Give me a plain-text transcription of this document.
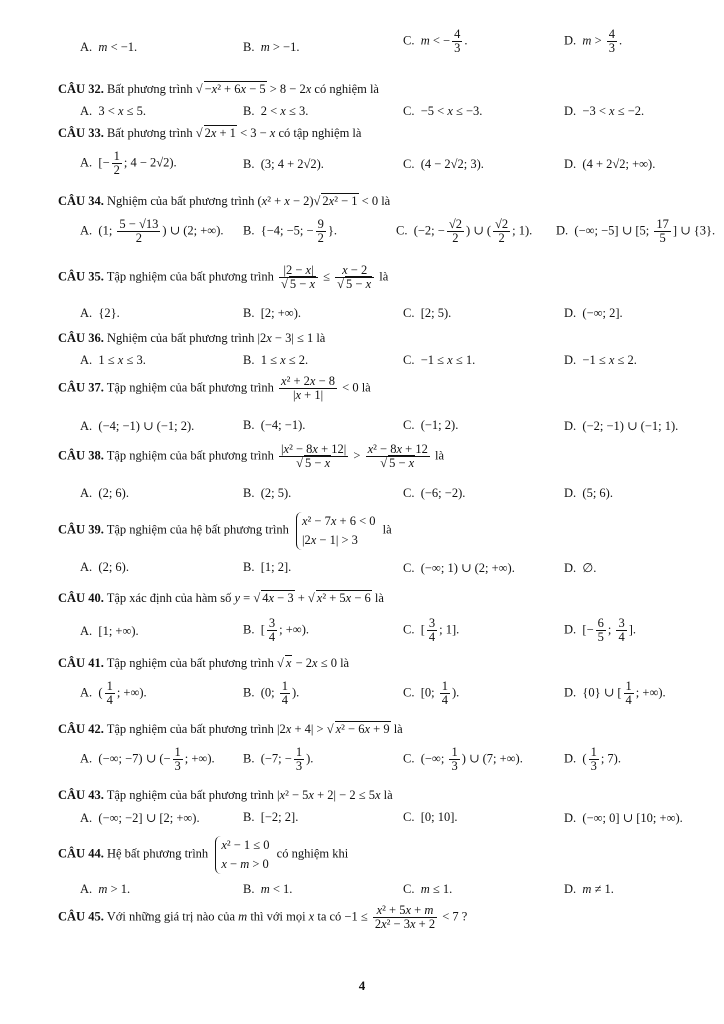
A. m < −1.	B. m > −1.	C. m < − $\frac{4}{3}$ .	D. $m > \frac{4}{3}$ .
CÂU 32. Bất phương trình √ −x² + 6x − 5 > 8 − 2x có nghiệm là
A.  3 < x ≤ 5.	B.  2 < x ≤ 3.	C.  −5 < x ≤ −3.	D.  −3 < x ≤ −2.
CÂU 33. Bất phương trình √ 2x + 1 < 3 − x có tập nghiệm là
A.  [− $\frac{1}{2}$ ; 4 − 2√2).	B.  (3; 4 + 2√2).	C.  (4 − 2√2; 3).	D.  (4 + 2√2; +∞).
CÂU 34. Nghiệm của bất phương trình (x² + x − 2)√ 2x² − 1 < 0 là
A.  (1; $\frac{5 - √13}{2}$ ) ∪ (2; +∞). B.  {−4; −5; − $\frac{9}{2}$ }.	C.  (−2; − $\frac{√2}{2}$ ) ∪ ( $\frac{√2}{2}$ ; 1). D.  (−∞; −5] ∪ [5; $\frac{17}{5}$ ] ∪ {3}.
CÂU 35. Tập nghiệm của bất phương trình $\frac{|2 - x|}{√ 5 - x} \le \frac{x - 2}{√ 5 - x}$ là
A.  {2}.	B.  [2; +∞).	C.  [2; 5).	D.  (−∞; 2].
CÂU 36. Nghiệm của bất phương trình |2x − 3| ≤ 1 là
A.  1 ≤ x ≤ 3.	B.  1 ≤ x ≤ 2.	C.  −1 ≤ x ≤ 1.	D.  −1 ≤ x ≤ 2.
CÂU 37. Tập nghiệm của bất phương trình $\frac{\text{x² + 2x − 8}}{|x + 1|} < 0$ là
A.  (−4; −1) ∪ (−1; 2).	B.  (−4; −1).	C.  (−1; 2).	D.  (−2; −1) ∪ (−1; 1).
CÂU 38. Tập nghiệm của bất phương trình $\frac{\text{|x² − 8x + 12|}}{√ 5 - x} > \frac{\text{x² − 8x + 12}}{√ 5 - x}$ là
A.  (2; 6).	B.  (2; 5).	C.  (−6; −2).	D.  (5; 6).
CÂU 39. Tập nghiệm của hệ bất phương trình x² − 7x + 6 < 0
|2x − 1| > 3 là
A.  (2; 6).	B.  [1; 2].	C.  (−∞; 1) ∪ (2; +∞).	D.  ∅.
CÂU 40. Tập xác định của hàm số y = √ 4x − 3 + √ x² + 5x − 6 là
A.  [1; +∞).	B.  [ $\frac{3}{4}$ ; +∞).	C.  [ $\frac{3}{4}$ ; 1].	D.  [− $\frac{6}{5}$ ; $\frac{3}{4}$ ].
CÂU 41. Tập nghiệm của bất phương trình √ x − 2x ≤ 0 là
A.  ( $\frac{1}{4}$ ; +∞).	B.  (0; $\frac{1}{4}$ ).	C.  [0; $\frac{1}{4}$ ).	D.  {0} ∪ [ $\frac{1}{4}$ ; +∞).
CÂU 42. Tập nghiệm của bất phương trình |2x + 4| > √ x² − 6x + 9 là
A.  (−∞; −7) ∪ (− $\frac{1}{3}$ ; +∞). B.  (−7; − $\frac{1}{3}$ ).	C.  (−∞; $\frac{1}{3}$ ) ∪ (7; +∞).	D.  ( $\frac{1}{3}$ ; 7).
CÂU 43. Tập nghiệm của bất phương trình |x² − 5x + 2| − 2 ≤ 5x là
A.  (−∞; −2] ∪ [2; +∞).	B.  [−2; 2].	C.  [0; 10].	D.  (−∞; 0] ∪ [10; +∞).
CÂU 44. Hệ bất phương trình x² − 1 ≤ 0
x − m > 0 có nghiệm khi
A. m > 1.	B. m < 1.	C. m ≤ 1.	D. m ≠ 1.
CÂU 45. Với những giá trị nào của m thì với mọi x ta có $-1 \le \frac{\text{x² + 5x + m}}{\text{2x² − 3x + 2}} < 7$ ?
4
